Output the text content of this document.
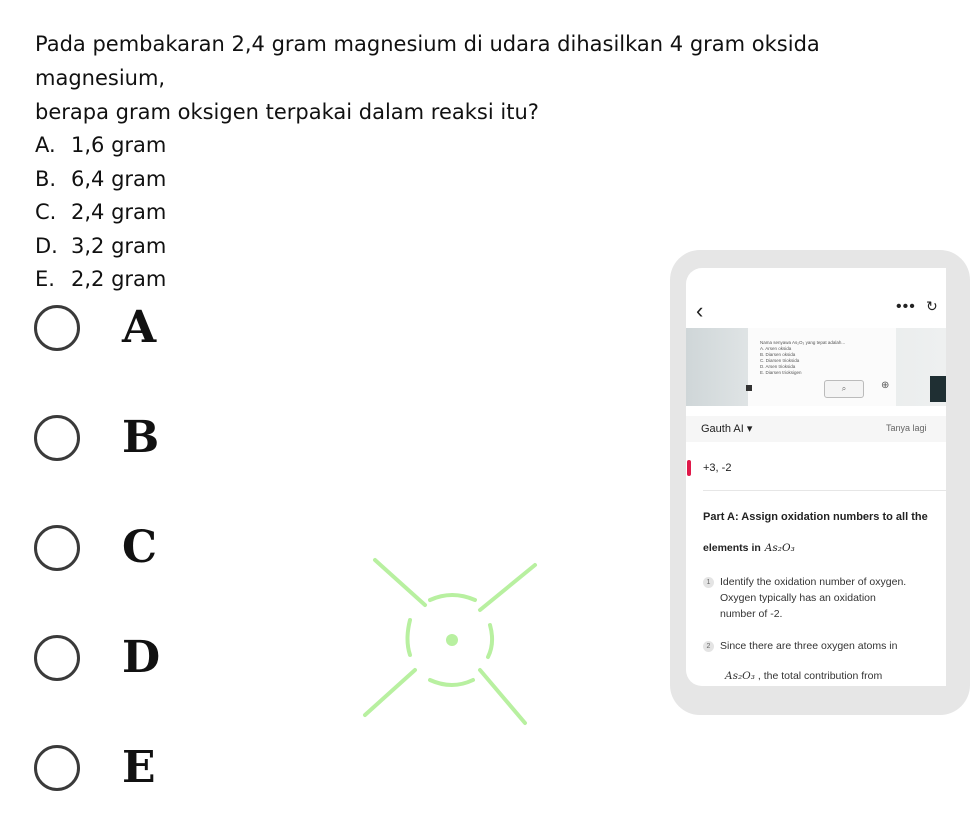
Pada pembakaran 2,4 gram magnesium di udara dihasilkan 4 gram oksida magnesium,
berapa gram oksigen terpakai dalam reaksi itu?
A. 1,6 gram
B. 6,4 gram
C. 2,4 gram
D. 3,2 gram
E. 2,2 gram
A
B
C
D
E
‹	••• ↻
Nama senyawa As₂O₃ yang tepat adalah...
A. Arsen oksida
B. Diarsen oksida
C. Diarsen trioksida
D. Arsen trioksida
E. Diarsen trioksigen
⌕	⊕
Gauth AI ▾	Tanya lagi
+3, -2
Part A: Assign oxidation numbers to all the
elements in As₂O₃
1 Identify the oxidation number of oxygen.
Oxygen typically has an oxidation
number of -2.
2 Since there are three oxygen atoms in
As₂O₃ , the total contribution from
